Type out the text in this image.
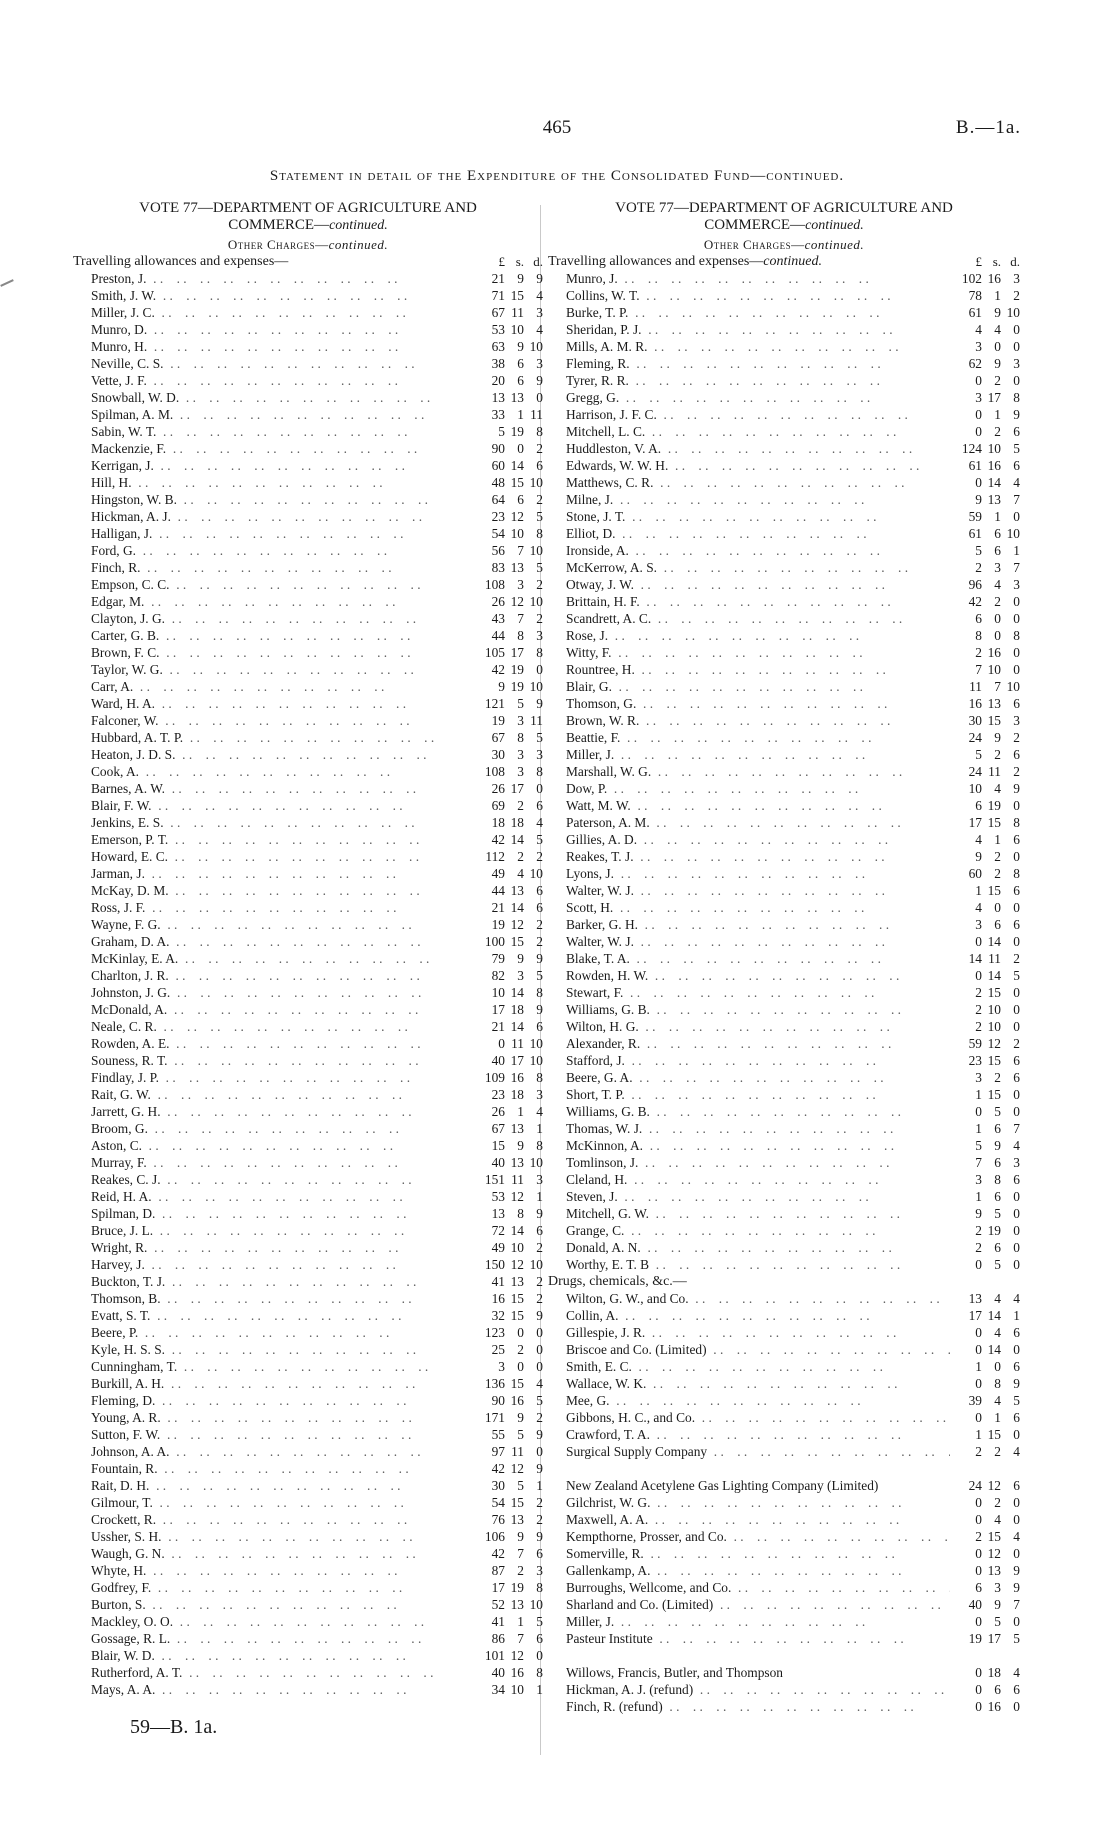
465	B.—1a.
Statement in detail of the Expenditure of the Consolidated Fund—continued.
VOTE 77—DEPARTMENT OF AGRICULTURE AND
COMMERCE—continued.
Other Charges—continued.
Travelling allowances and expenses—	£ s. d.
Preston, J. . .	21 9 9
Smith, J. W. . .	71 15 4
Miller, J. C. . .	67 11 3
Munro, D. . .	53 10 4
Munro, H. . .	63 9 10
Neville, C. S. . .	38 6 3
Vette, J. F. . .	20 6 9
Snowball, W. D. . .	13 13 0
Spilman, A. M. . .	33 1 11
Sabin, W. T. . .	5 19 8
Mackenzie, F. . .	90 0 2
Kerrigan, J. . .	60 14 6
Hill, H. . .	48 15 10
Hingston, W. B. . .	64 6 2
Hickman, A. J. . .	23 12 5
Halligan, J. . .	54 10 8
Ford, G. . .	56 7 10
Finch, R. . .	83 13 5
Empson, C. C. . .	108 3 2
Edgar, M. . .	26 12 10
Clayton, J. G. . .	43 7 2
Carter, G. B. . .	44 8 3
Brown, F. C. . .	105 17 8
Taylor, W. G. . .	42 19 0
Carr, A. . .	9 19 10
Ward, H. A. . .	121 5 9
Falconer, W. . .	19 3 11
Hubbard, A. T. P. . .	67 8 5
Heaton, J. D. S. . .	30 3 3
Cook, A. . .	108 3 8
Barnes, A. W. . .	26 17 0
Blair, F. W. . .	69 2 6
Jenkins, E. S. . .	18 18 4
Emerson, P. T. . .	42 14 5
Howard, E. C. . .	112 2 2
Jarman, J. . .	49 4 10
McKay, D. M. . .	44 13 6
Ross, J. F. . .	21 14 6
Wayne, F. G. . .	19 12 2
Graham, D. A. . .	100 15 2
McKinlay, E. A. . .	79 9 9
Charlton, J. R. . .	82 3 5
Johnston, J. G. . .	10 14 8
McDonald, A. . .	17 18 9
Neale, C. R. . .	21 14 6
Rowden, A. E. . .	0 11 10
Souness, R. T. . .	40 17 10
Findlay, J. P. . .	109 16 8
Rait, G. W. . .	23 18 3
Jarrett, G. H. . .	26 1 4
Broom, G. . .	67 13 1
Aston, C. . .	15 9 8
Murray, F. . .	40 13 10
Reakes, C. J. . .	151 11 3
Reid, H. A. . .	53 12 1
Spilman, D. . .	13 8 9
Bruce, J. L. . .	72 14 6
Wright, R. . .	49 10 2
Harvey, J. . .	150 12 10
Buckton, T. J. . .	41 13 2
Thomson, B. . .	16 15 2
Evatt, S. T. . .	32 15 9
Beere, P. . .	123 0 0
Kyle, H. S. S. . .	25 2 0
Cunningham, T. . .	3 0 0
Burkill, A. H. . .	136 15 4
Fleming, D. . .	90 16 5
Young, A. R. . .	171 9 2
Sutton, F. W. . .	55 5 9
Johnson, A. A. . .	97 11 0
Fountain, R. . .	42 12 9
Rait, D. H. . .	30 5 1
Gilmour, T. . .	54 15 2
Crockett, R. . .	76 13 2
Ussher, S. H. . .	106 9 9
Waugh, G. N. . .	42 7 6
Whyte, H. . .	87 2 3
Godfrey, F. . .	17 19 8
Burton, S. . .	52 13 10
Mackley, O. O. . .	41 1 5
Gossage, R. L. . .	86 7 6
Blair, W. D. . .	101 12 0
Rutherford, A. T. . .	40 16 8
Mays, A. A. . .	34 10 1
VOTE 77—DEPARTMENT OF AGRICULTURE AND
COMMERCE—continued.
Other Charges—continued.
Travelling allowances and expenses—continued.	£ s. d.
Munro, J. . .	102 16 3
Collins, W. T. . .	78 1 2
Burke, T. P. . .	61 9 10
Sheridan, P. J. . .	4 4 0
Mills, A. M. R. . .	3 0 0
Fleming, R. . .	62 9 3
Tyrer, R. R. . .	0 2 0
Gregg, G. . .	3 17 8
Harrison, J. F. C. . .	0 1 9
Mitchell, L. C. . .	0 2 6
Huddleston, V. A. . .	124 10 5
Edwards, W. W. H. . .	61 16 6
Matthews, C. R. . .	0 14 4
Milne, J. . .	9 13 7
Stone, J. T. . .	59 1 0
Elliot, D. . .	61 6 10
Ironside, A. . .	5 6 1
McKerrow, A. S. . .	2 3 7
Otway, J. W. . .	96 4 3
Brittain, H. F. . .	42 2 0
Scandrett, A. C. . .	6 0 0
Rose, J. . .	8 0 8
Witty, F. . .	2 16 0
Rountree, H. . .	7 10 0
Blair, G. . .	11 7 10
Thomson, G. . .	16 13 6
Brown, W. R. . .	30 15 3
Beattie, F. . .	24 9 2
Miller, J. . .	5 2 6
Marshall, W. G. . .	24 11 2
Dow, P. . .	10 4 9
Watt, M. W. . .	6 19 0
Paterson, A. M. . .	17 15 8
Gillies, A. D. . .	4 1 6
Reakes, T. J. . .	9 2 0
Lyons, J. . .	60 2 8
Walter, W. J. . .	1 15 6
Scott, H. . .	4 0 0
Barker, G. H. . .	3 6 6
Walter, W. J. . .	0 14 0
Blake, T. A. . .	14 11 2
Rowden, H. W. . .	0 14 5
Stewart, F. . .	2 15 0
Williams, G. B. . .	2 10 0
Wilton, H. G. . .	2 10 0
Alexander, R. . .	59 12 2
Stafford, J. . .	23 15 6
Beere, G. A. . .	3 2 6
Short, T. P. . .	1 15 0
Williams, G. B. . .	0 5 0
Thomas, W. J. . .	1 6 7
McKinnon, A. . .	5 9 4
Tomlinson, J. . .	7 6 3
Cleland, H. . .	3 8 6
Steven, J. . .	1 6 0
Mitchell, G. W. . .	9 5 0
Grange, C. . .	2 19 0
Donald, A. N. . .	2 6 0
Worthy, E. T. B . .	0 5 0
Drugs, chemicals, &c.—
Wilton, G. W., and Co. . .	13 4 4
Collin, A. . .	17 14 1
Gillespie, J. R. . .	0 4 6
Briscoe and Co. (Limited) . .	0 14 0
Smith, E. C. . .	1 0 6
Wallace, W. K. . .	0 8 9
Mee, G. . .	39 4 5
Gibbons, H. C., and Co. . .	0 1 6
Crawford, T. A. . .	1 15 0
Surgical Supply Company . .	2 2 4
New Zealand Acetylene Gas Lighting Company (Limited)	24 12 6
Gilchrist, W. G. . .	0 2 0
Maxwell, A. A. . .	0 4 0
Kempthorne, Prosser, and Co. . .	2 15 4
Somerville, R. . .	0 12 0
Gallenkamp, A. . .	0 13 9
Burroughs, Wellcome, and Co. . .	6 3 9
Sharland and Co. (Limited) . .	40 9 7
Miller, J. . .	0 5 0
Pasteur Institute . .	19 17 5
Willows, Francis, Butler, and Thompson	0 18 4
Hickman, A. J. (refund) . .	0 6 6
Finch, R. (refund) . .	0 16 0
59—B. 1a.
